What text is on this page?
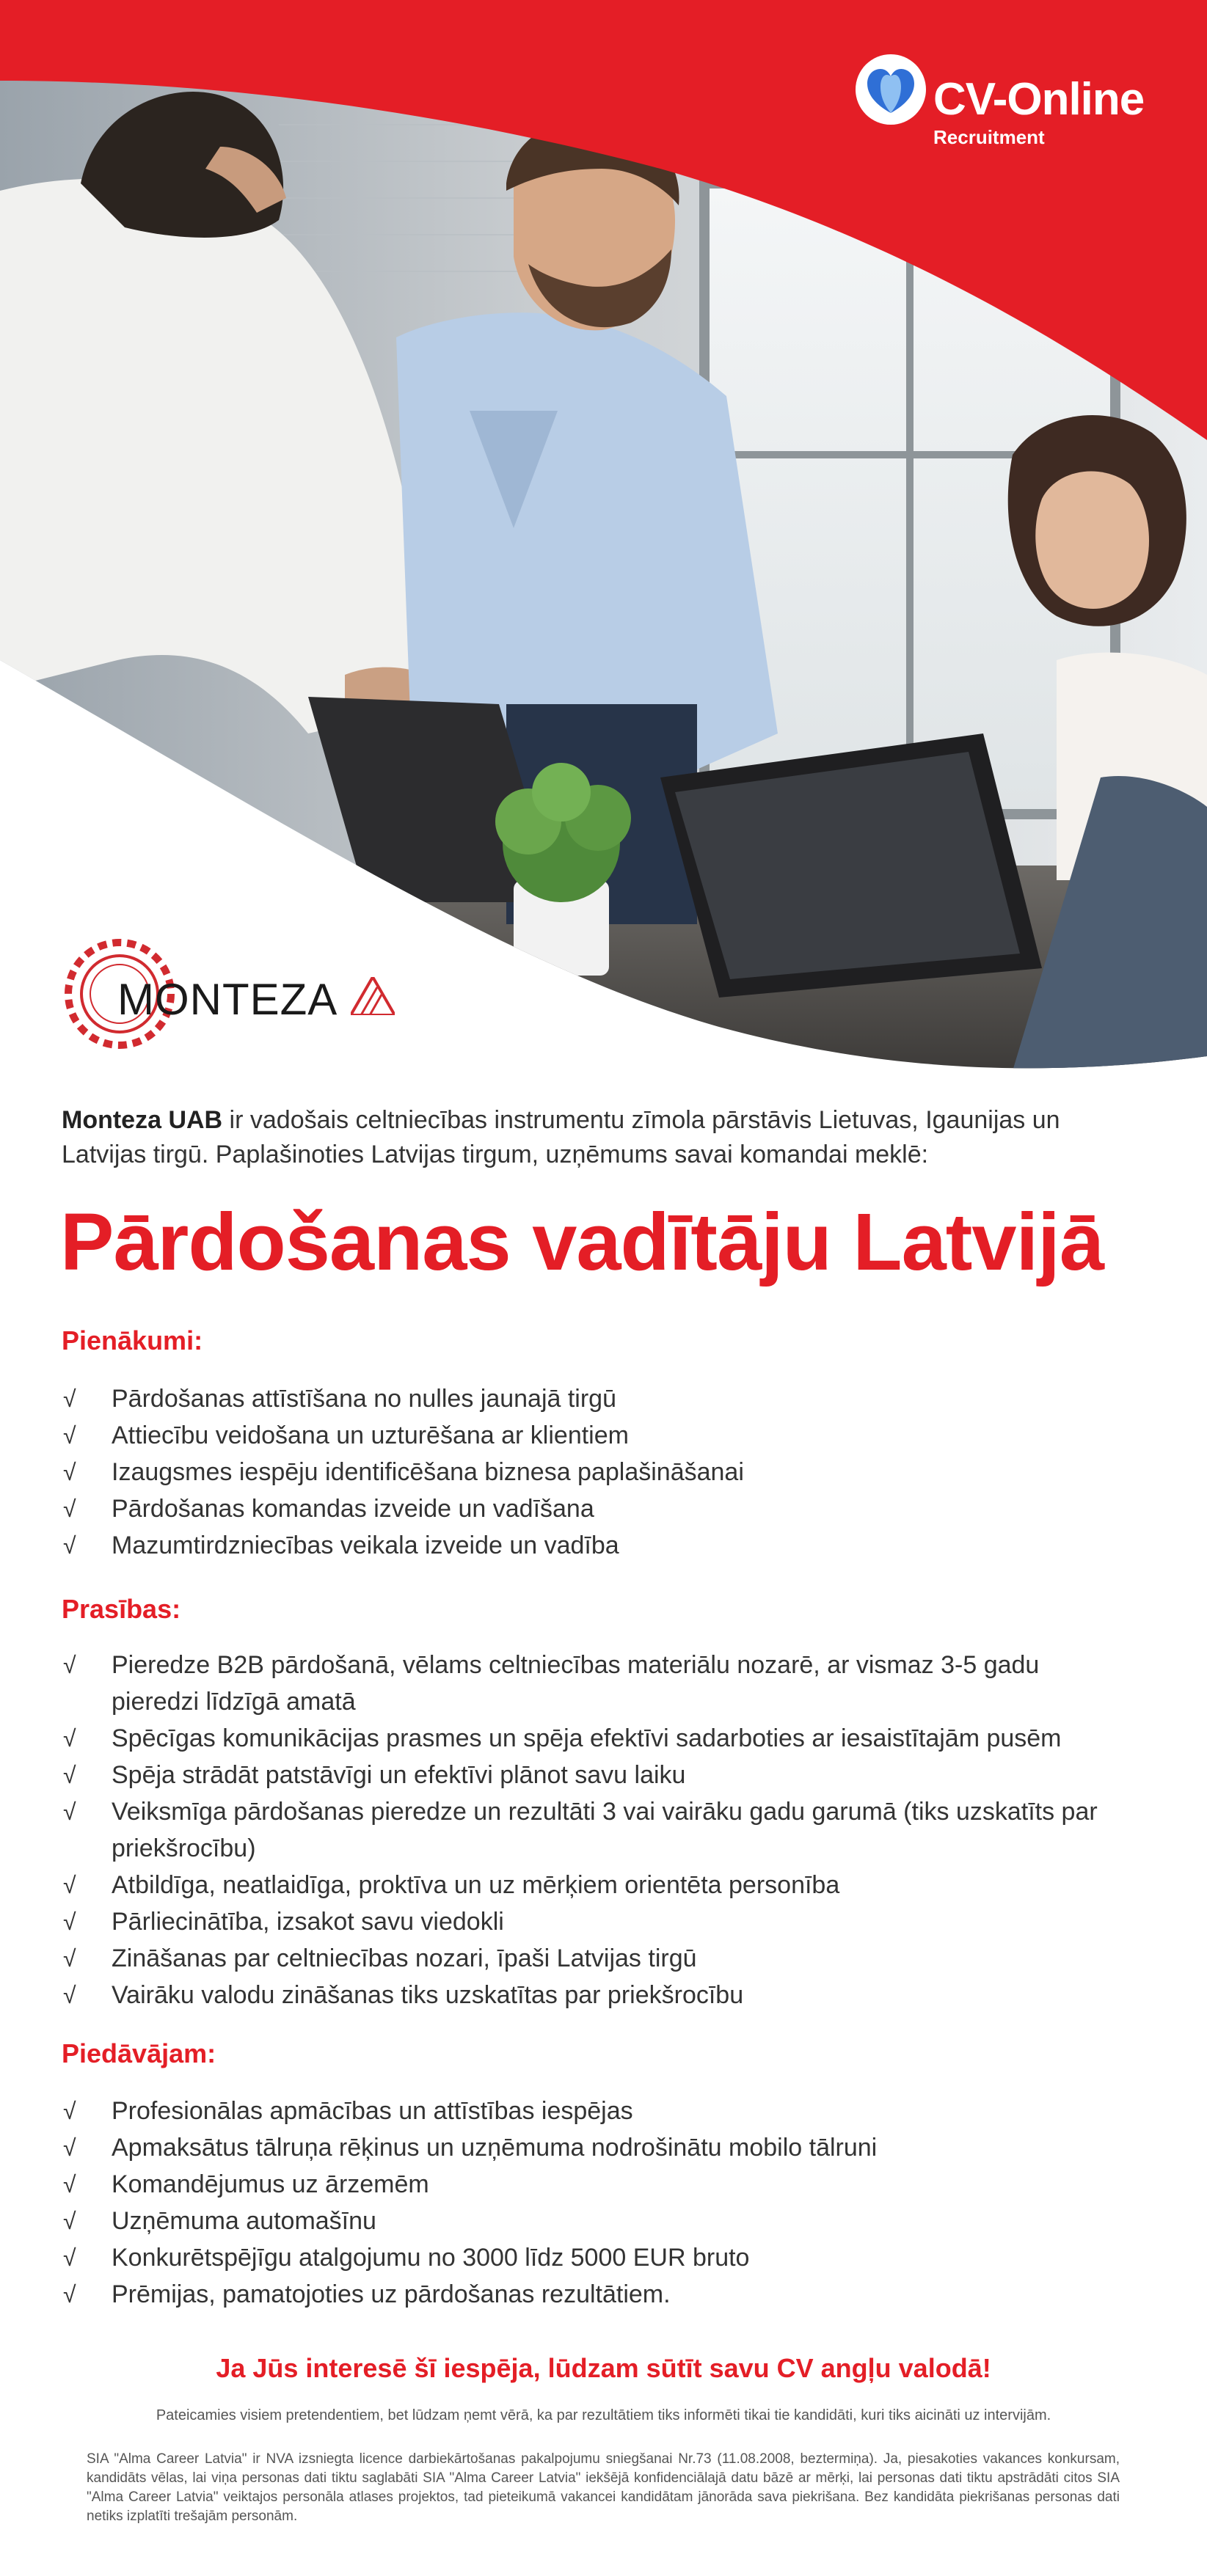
CV-Online
Recruitment
MONTEZA
Monteza UAB ir vadošais celtniecības instrumentu zīmola pārstāvis Lietuvas, Igaunijas un Latvijas tirgū. Paplašinoties Latvijas tirgum, uzņēmums savai komandai meklē:
Pārdošanas vadītāju Latvijā
Pienākumi:
√ Pārdošanas attīstīšana no nulles jaunajā tirgū
√ Attiecību veidošana un uzturēšana ar klientiem
√ Izaugsmes iespēju identificēšana biznesa paplašināšanai
√ Pārdošanas komandas izveide un vadīšana
√ Mazumtirdzniecības veikala izveide un vadība
Prasības:
√ Pieredze B2B pārdošanā, vēlams celtniecības materiālu nozarē, ar vismaz 3-5 gadu pieredzi līdzīgā amatā
√ Spēcīgas komunikācijas prasmes un spēja efektīvi sadarboties ar iesaistītajām pusēm
√ Spēja strādāt patstāvīgi un efektīvi plānot savu laiku
√ Veiksmīga pārdošanas pieredze un rezultāti 3 vai vairāku gadu garumā (tiks uzskatīts par priekšrocību)
√ Atbildīga, neatlaidīga, proktīva un uz mērķiem orientēta personība
√ Pārliecinātība, izsakot savu viedokli
√ Zināšanas par celtniecības nozari, īpaši Latvijas tirgū
√ Vairāku valodu zināšanas tiks uzskatītas par priekšrocību
Piedāvājam:
√ Profesionālas apmācības un attīstības iespējas
√ Apmaksātus tālruņa rēķinus un uzņēmuma nodrošinātu mobilo tālruni
√ Komandējumus uz ārzemēm
√ Uzņēmuma automašīnu
√ Konkurētspējīgu atalgojumu no 3000 līdz 5000 EUR bruto
√ Prēmijas, pamatojoties uz pārdošanas rezultātiem.
Ja Jūs interesē šī iespēja, lūdzam sūtīt savu CV angļu valodā!
Pateicamies visiem pretendentiem, bet lūdzam ņemt vērā, ka par rezultātiem tiks informēti tikai tie kandidāti, kuri tiks aicināti uz intervijām.
SIA "Alma Career Latvia" ir NVA izsniegta licence darbiekārtošanas pakalpojumu sniegšanai Nr.73 (11.08.2008, beztermiņa). Ja, piesakoties vakances konkursam, kandidāts vēlas, lai viņa personas dati tiktu saglabāti SIA "Alma Career Latvia" iekšējā konfidenciālajā datu bāzē ar mērķi, lai personas dati tiktu apstrādāti citos SIA "Alma Career Latvia" veiktajos personāla atlases projektos, tad pieteikumā vakancei kandidātam jānorāda sava piekrišana. Bez kandidāta piekrišanas personas dati netiks izplatīti trešajām personām.
